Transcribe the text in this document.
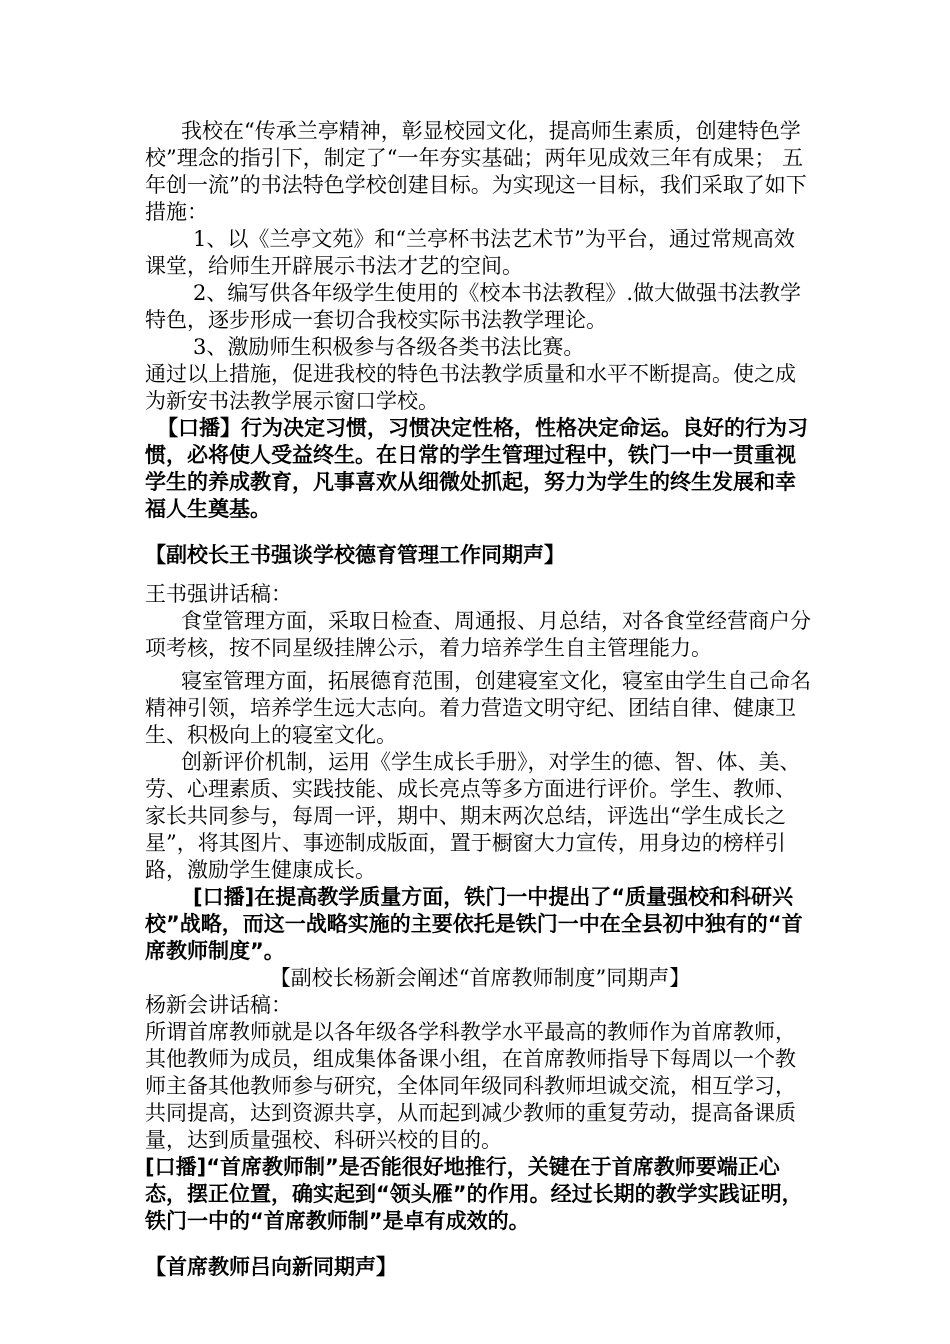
我校在“传承兰亭精神，彰显校园文化，提高师生素质，创建特色学校”理念的指引下，制定了“一年夯实基础；两年见成效三年有成果； 五年创一流”的书法特色学校创建目标。为实现这一目标，我们采取了如下措施：

1、以《兰亭文苑》和“兰亭杯书法艺术节”为平台，通过常规高效课堂，给师生开辟展示书法才艺的空间。

2、编写供各年级学生使用的《校本书法教程》.做大做强书法教学特色，逐步形成一套切合我校实际书法教学理论。

3、激励师生积极参与各级各类书法比赛。

通过以上措施，促进我校的特色书法教学质量和水平不断提高。使之成为新安书法教学展示窗口学校。

【口播】行为决定习惯，习惯决定性格，性格决定命运。良好的行为习惯，必将使人受益终生。在日常的学生管理过程中，铁门一中一贯重视学生的养成教育，凡事喜欢从细微处抓起，努力为学生的终生发展和幸福人生奠基。

【副校长王书强谈学校德育管理工作同期声】

王书强讲话稿：

食堂管理方面，采取日检查、周通报、月总结，对各食堂经营商户分项考核，按不同星级挂牌公示，着力培养学生自主管理能力。

寝室管理方面，拓展德育范围，创建寝室文化，寝室由学生自己命名精神引领，培养学生远大志向。着力营造文明守纪、团结自律、健康卫生、积极向上的寝室文化。

创新评价机制，运用《学生成长手册》，对学生的德、智、体、美、劳、心理素质、实践技能、成长亮点等多方面进行评价。学生、教师、家长共同参与，每周一评，期中、期末两次总结，评选出“学生成长之星”，将其图片、事迹制成版面，置于橱窗大力宣传，用身边的榜样引路，激励学生健康成长。

[口播]在提高教学质量方面，铁门一中提出了“质量强校和科研兴校”战略，而这一战略实施的主要依托是铁门一中在全县初中独有的“首席教师制度”。

【副校长杨新会阐述“首席教师制度”同期声】

杨新会讲话稿：

所谓首席教师就是以各年级各学科教学水平最高的教师作为首席教师，其他教师为成员，组成集体备课小组，在首席教师指导下每周以一个教师主备其他教师参与研究，全体同年级同科教师坦诚交流，相互学习，共同提高，达到资源共享，从而起到减少教师的重复劳动，提高备课质量，达到质量强校、科研兴校的目的。

[口播]“首席教师制”是否能很好地推行，关键在于首席教师要端正心态，摆正位置，确实起到“领头雁”的作用。经过长期的教学实践证明，铁门一中的“首席教师制”是卓有成效的。

【首席教师吕向新同期声】
